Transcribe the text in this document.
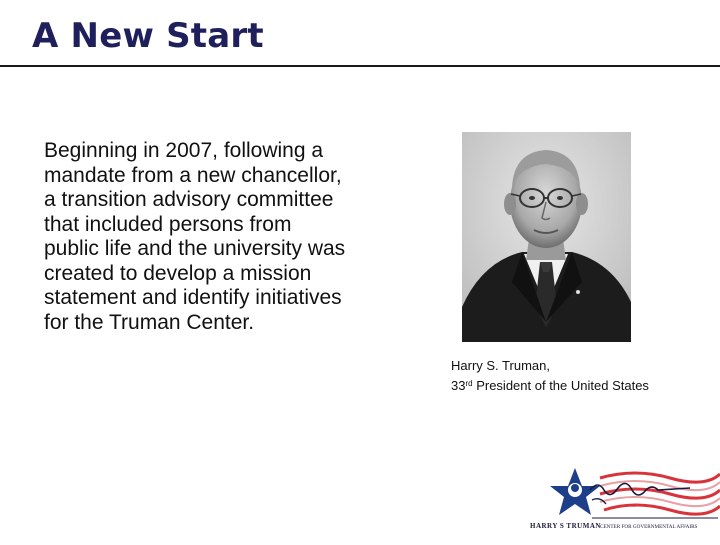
A New Start
Beginning in 2007, following a
mandate from a new chancellor,
a transition advisory committee
that included persons from
public life and the university was
created to develop a mission
statement and identify initiatives
for the Truman Center.
Harry S. Truman,
33rd President of the United States
HARRY S TRUMAN CENTER FOR GOVERNMENTAL AFFAIRS
